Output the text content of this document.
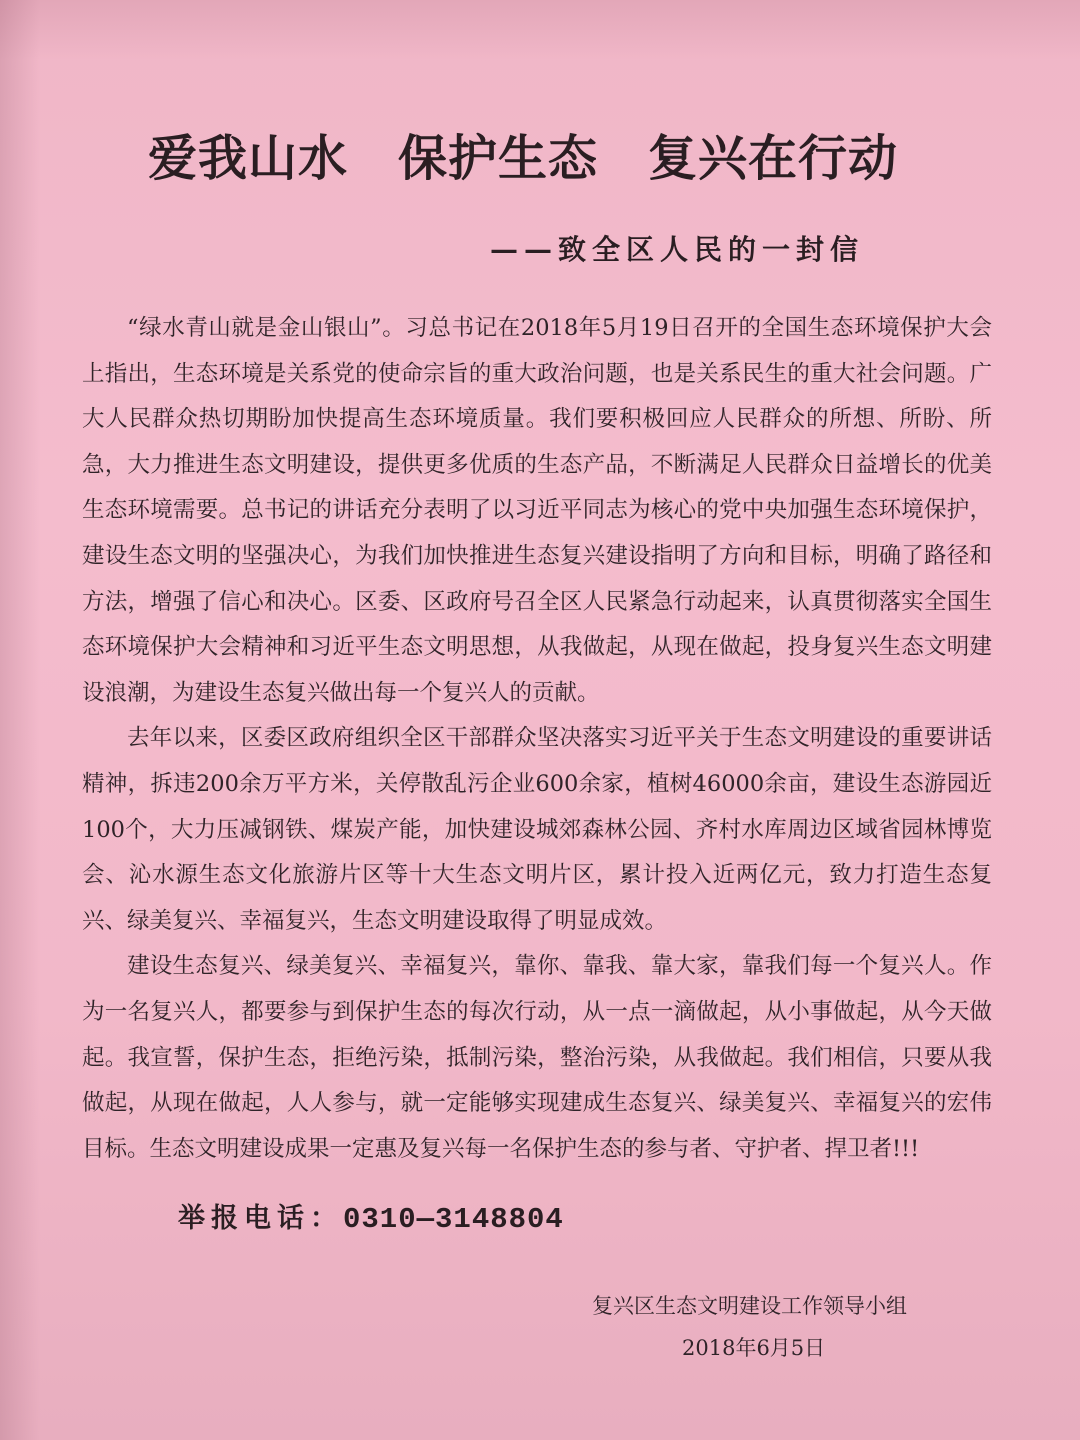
爱我山水　保护生态　复兴在行动
——致全区人民的一封信

“绿水青山就是金山银山”。习总书记在2018年5月19日召开的全国生态环境保护大会上指出，生态环境是关系党的使命宗旨的重大政治问题，也是关系民生的重大社会问题。广大人民群众热切期盼加快提高生态环境质量。我们要积极回应人民群众的所想、所盼、所急，大力推进生态文明建设，提供更多优质的生态产品，不断满足人民群众日益增长的优美生态环境需要。总书记的讲话充分表明了以习近平同志为核心的党中央加强生态环境保护，建设生态文明的坚强决心，为我们加快推进生态复兴建设指明了方向和目标，明确了路径和方法，增强了信心和决心。区委、区政府号召全区人民紧急行动起来，认真贯彻落实全国生态环境保护大会精神和习近平生态文明思想，从我做起，从现在做起，投身复兴生态文明建设浪潮，为建设生态复兴做出每一个复兴人的贡献。

去年以来，区委区政府组织全区干部群众坚决落实习近平关于生态文明建设的重要讲话精神，拆违200余万平方米，关停散乱污企业600余家，植树46000余亩，建设生态游园近100个，大力压减钢铁、煤炭产能，加快建设城郊森林公园、齐村水库周边区域省园林博览会、沁水源生态文化旅游片区等十大生态文明片区，累计投入近两亿元，致力打造生态复兴、绿美复兴、幸福复兴，生态文明建设取得了明显成效。

建设生态复兴、绿美复兴、幸福复兴，靠你、靠我、靠大家，靠我们每一个复兴人。作为一名复兴人，都要参与到保护生态的每次行动，从一点一滴做起，从小事做起，从今天做起。我宣誓，保护生态，拒绝污染，抵制污染，整治污染，从我做起。我们相信，只要从我做起，从现在做起，人人参与，就一定能够实现建成生态复兴、绿美复兴、幸福复兴的宏伟目标。生态文明建设成果一定惠及复兴每一名保护生态的参与者、守护者、捍卫者!!!

举报电话：0310—3148804
复兴区生态文明建设工作领导小组
2018年6月5日
